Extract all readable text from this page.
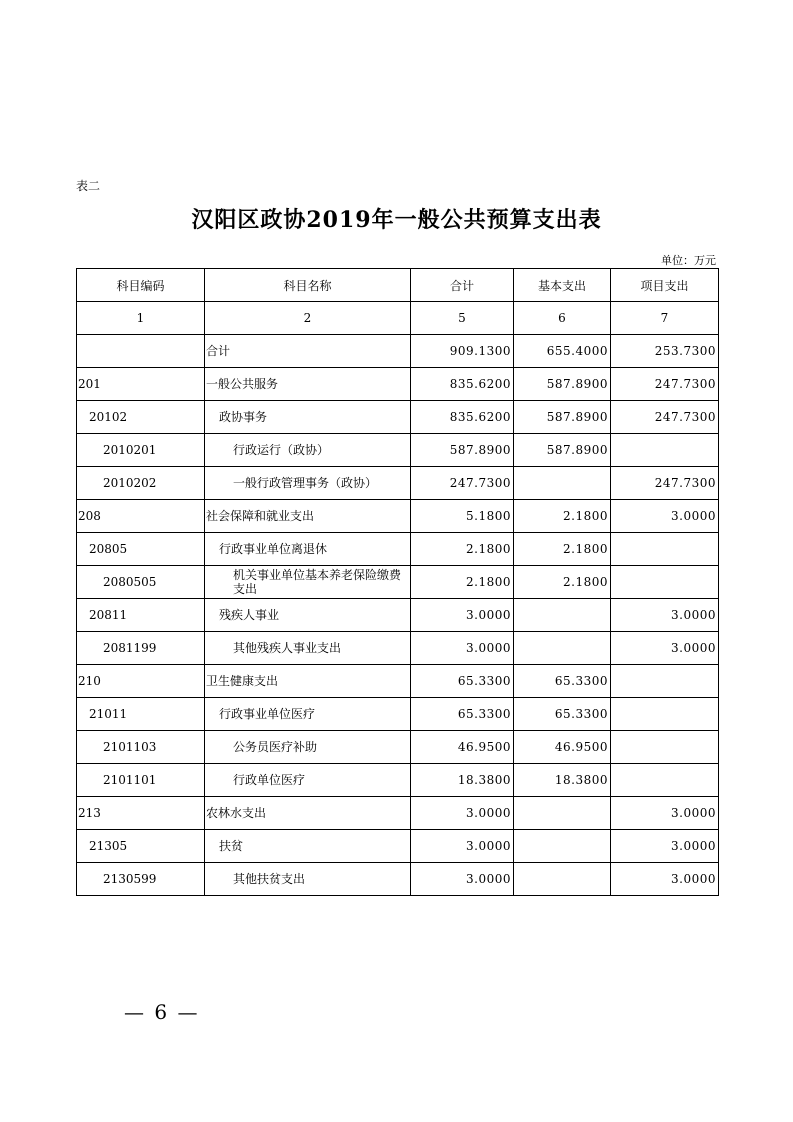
表二
汉阳区政协2019年一般公共预算支出表
单位：万元
科目编码	科目名称	合计	基本支出	项目支出
1	2	5	6	7
	合计	909.1300	655.4000	253.7300
201	一般公共服务	835.6200	587.8900	247.7300
20102	政协事务	835.6200	587.8900	247.7300
2010201	行政运行（政协）	587.8900	587.8900	
2010202	一般行政管理事务（政协）	247.7300		247.7300
208	社会保障和就业支出	5.1800	2.1800	3.0000
20805	行政事业单位离退休	2.1800	2.1800	
2080505	机关事业单位基本养老保险缴费支出	2.1800	2.1800	
20811	残疾人事业	3.0000		3.0000
2081199	其他残疾人事业支出	3.0000		3.0000
210	卫生健康支出	65.3300	65.3300	
21011	行政事业单位医疗	65.3300	65.3300	
2101103	公务员医疗补助	46.9500	46.9500	
2101101	行政单位医疗	18.3800	18.3800	
213	农林水支出	3.0000		3.0000
21305	扶贫	3.0000		3.0000
2130599	其他扶贫支出	3.0000		3.0000
— 6 —
